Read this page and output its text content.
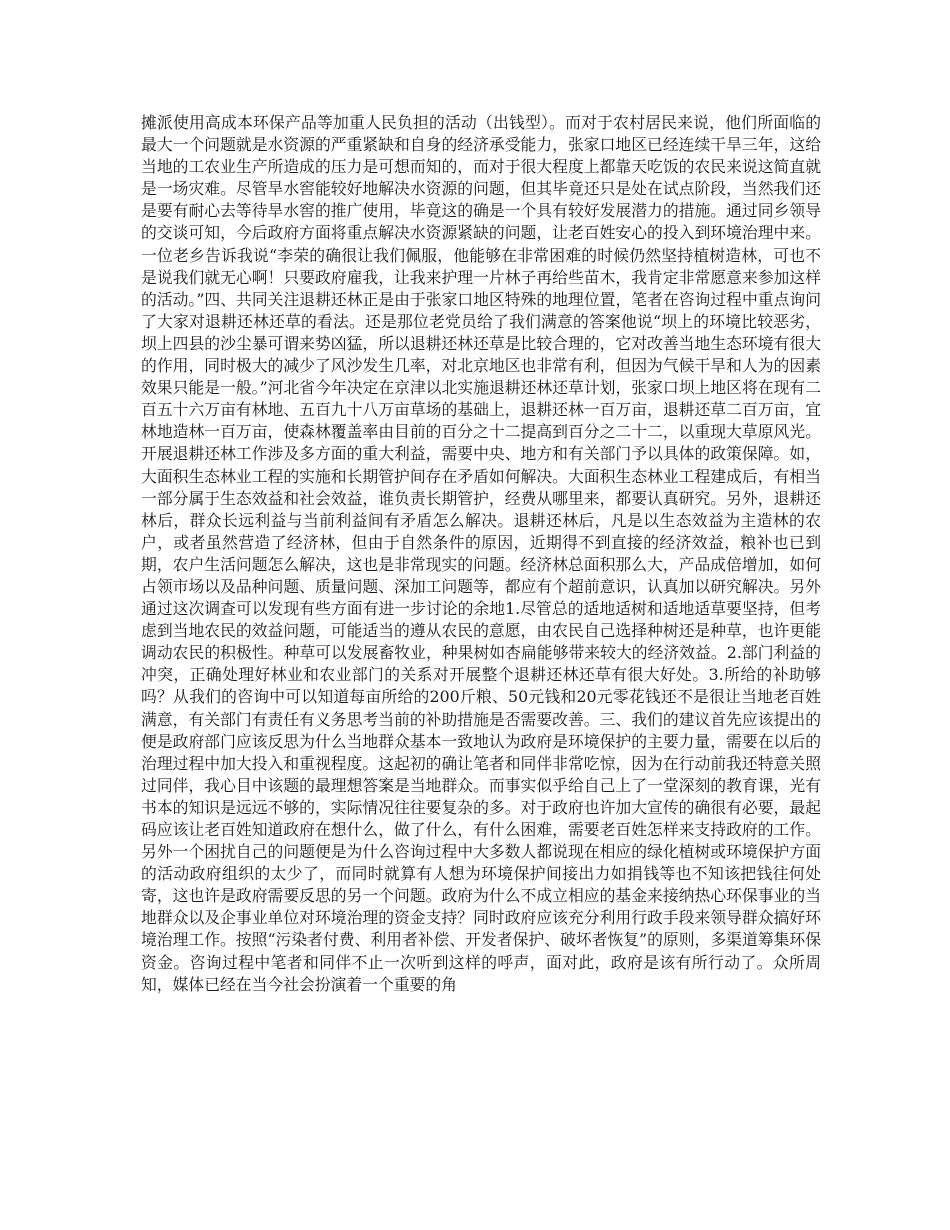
摊派使用高成本环保产品等加重人民负担的活动（出钱型）。而对于农村居民来说，他们所面临的最大一个问题就是水资源的严重紧缺和自身的经济承受能力，张家口地区已经连续干旱三年，这给当地的工农业生产所造成的压力是可想而知的，而对于很大程度上都靠天吃饭的农民来说这简直就是一场灾难。尽管旱水窖能较好地解决水资源的问题，但其毕竟还只是处在试点阶段，当然我们还是要有耐心去等待旱水窖的推广使用，毕竟这的确是一个具有较好发展潜力的措施。通过同乡领导的交谈可知，今后政府方面将重点解决水资源紧缺的问题，让老百姓安心的投入到环境治理中来。一位老乡告诉我说“李荣的确很让我们佩服，他能够在非常困难的时候仍然坚持植树造林，可也不是说我们就无心啊！只要政府雇我，让我来护理一片林子再给些苗木，我肯定非常愿意来参加这样的活动。”四、共同关注退耕还林正是由于张家口地区特殊的地理位置，笔者在咨询过程中重点询问了大家对退耕还林还草的看法。还是那位老党员给了我们满意的答案他说“坝上的环境比较恶劣，坝上四县的沙尘暴可谓来势凶猛，所以退耕还林还草是比较合理的，它对改善当地生态环境有很大的作用，同时极大的减少了风沙发生几率，对北京地区也非常有利，但因为气候干旱和人为的因素效果只能是一般。”河北省今年决定在京津以北实施退耕还林还草计划，张家口坝上地区将在现有二百五十六万亩有林地、五百九十八万亩草场的基础上，退耕还林一百万亩，退耕还草二百万亩，宜林地造林一百万亩，使森林覆盖率由目前的百分之十二提高到百分之二十二，以重现大草原风光。开展退耕还林工作涉及多方面的重大利益，需要中央、地方和有关部门予以具体的政策保障。如，大面积生态林业工程的实施和长期管护间存在矛盾如何解决。大面积生态林业工程建成后，有相当一部分属于生态效益和社会效益，谁负责长期管护，经费从哪里来，都要认真研究。另外，退耕还林后，群众长远利益与当前利益间有矛盾怎么解决。退耕还林后，凡是以生态效益为主造林的农户，或者虽然营造了经济林，但由于自然条件的原因，近期得不到直接的经济效益，粮补也已到期，农户生活问题怎么解决，这也是非常现实的问题。经济林总面积那么大，产品成倍增加，如何占领市场以及品种问题、质量问题、深加工问题等，都应有个超前意识，认真加以研究解决。另外通过这次调查可以发现有些方面有进一步讨论的余地1.尽管总的适地适树和适地适草要坚持，但考虑到当地农民的效益问题，可能适当的遵从农民的意愿，由农民自己选择种树还是种草，也许更能调动农民的积极性。种草可以发展畜牧业，种果树如杏扁能够带来较大的经济效益。2.部门利益的冲突，正确处理好林业和农业部门的关系对开展整个退耕还林还草有很大好处。3.所给的补助够吗？从我们的咨询中可以知道每亩所给的200斤粮、50元钱和20元零花钱还不是很让当地老百姓满意，有关部门有责任有义务思考当前的补助措施是否需要改善。三、我们的建议首先应该提出的便是政府部门应该反思为什么当地群众基本一致地认为政府是环境保护的主要力量，需要在以后的治理过程中加大投入和重视程度。这起初的确让笔者和同伴非常吃惊，因为在行动前我还特意关照过同伴，我心目中该题的最理想答案是当地群众。而事实似乎给自己上了一堂深刻的教育课，光有书本的知识是远远不够的，实际情况往往要复杂的多。对于政府也许加大宣传的确很有必要，最起码应该让老百姓知道政府在想什么，做了什么，有什么困难，需要老百姓怎样来支持政府的工作。另外一个困扰自己的问题便是为什么咨询过程中大多数人都说现在相应的绿化植树或环境保护方面的活动政府组织的太少了，而同时就算有人想为环境保护间接出力如捐钱等也不知该把钱往何处寄，这也许是政府需要反思的另一个问题。政府为什么不成立相应的基金来接纳热心环保事业的当地群众以及企事业单位对环境治理的资金支持？同时政府应该充分利用行政手段来领导群众搞好环境治理工作。按照“污染者付费、利用者补偿、开发者保护、破坏者恢复”的原则，多渠道筹集环保资金。咨询过程中笔者和同伴不止一次听到这样的呼声，面对此，政府是该有所行动了。众所周知，媒体已经在当今社会扮演着一个重要的角
